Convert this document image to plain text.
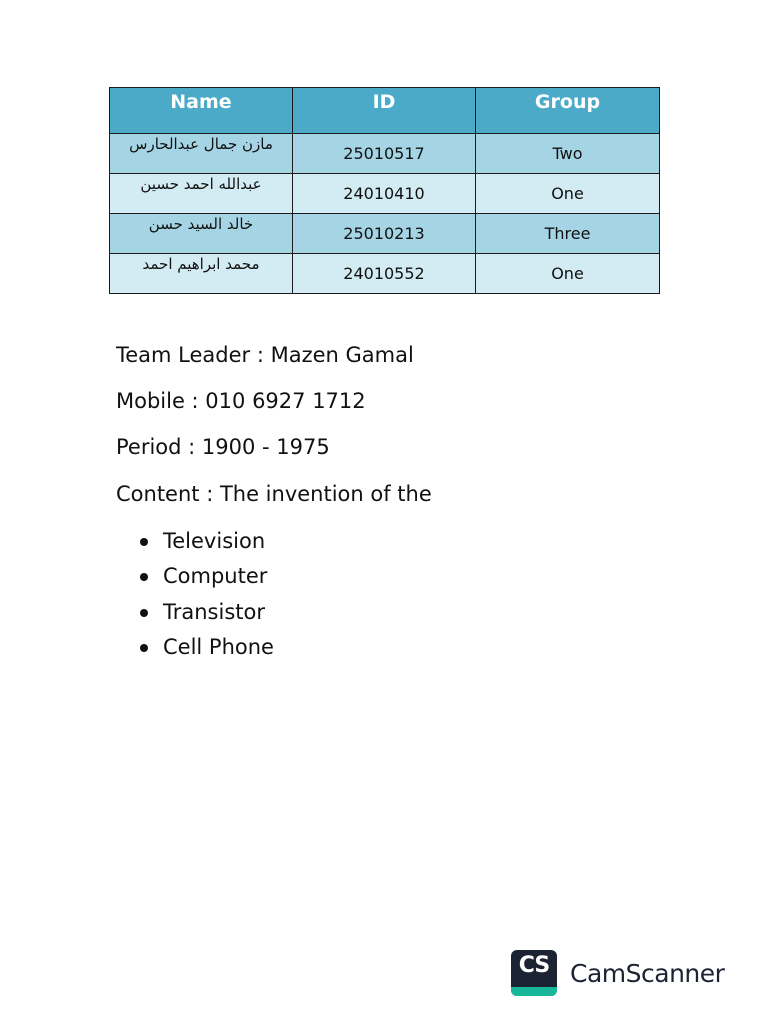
Name	ID	Group
مازن جمال عبدالحارس	25010517	Two
عبدالله احمد حسين	24010410	One
خالد السيد حسن	25010213	Three
محمد ابراهيم احمد	24010552	One
Team Leader : Mazen Gamal
Mobile : 010 6927 1712
Period : 1900 - 1975
Content : The invention of the
Television
Computer
Transistor
Cell Phone
CS CamScanner
